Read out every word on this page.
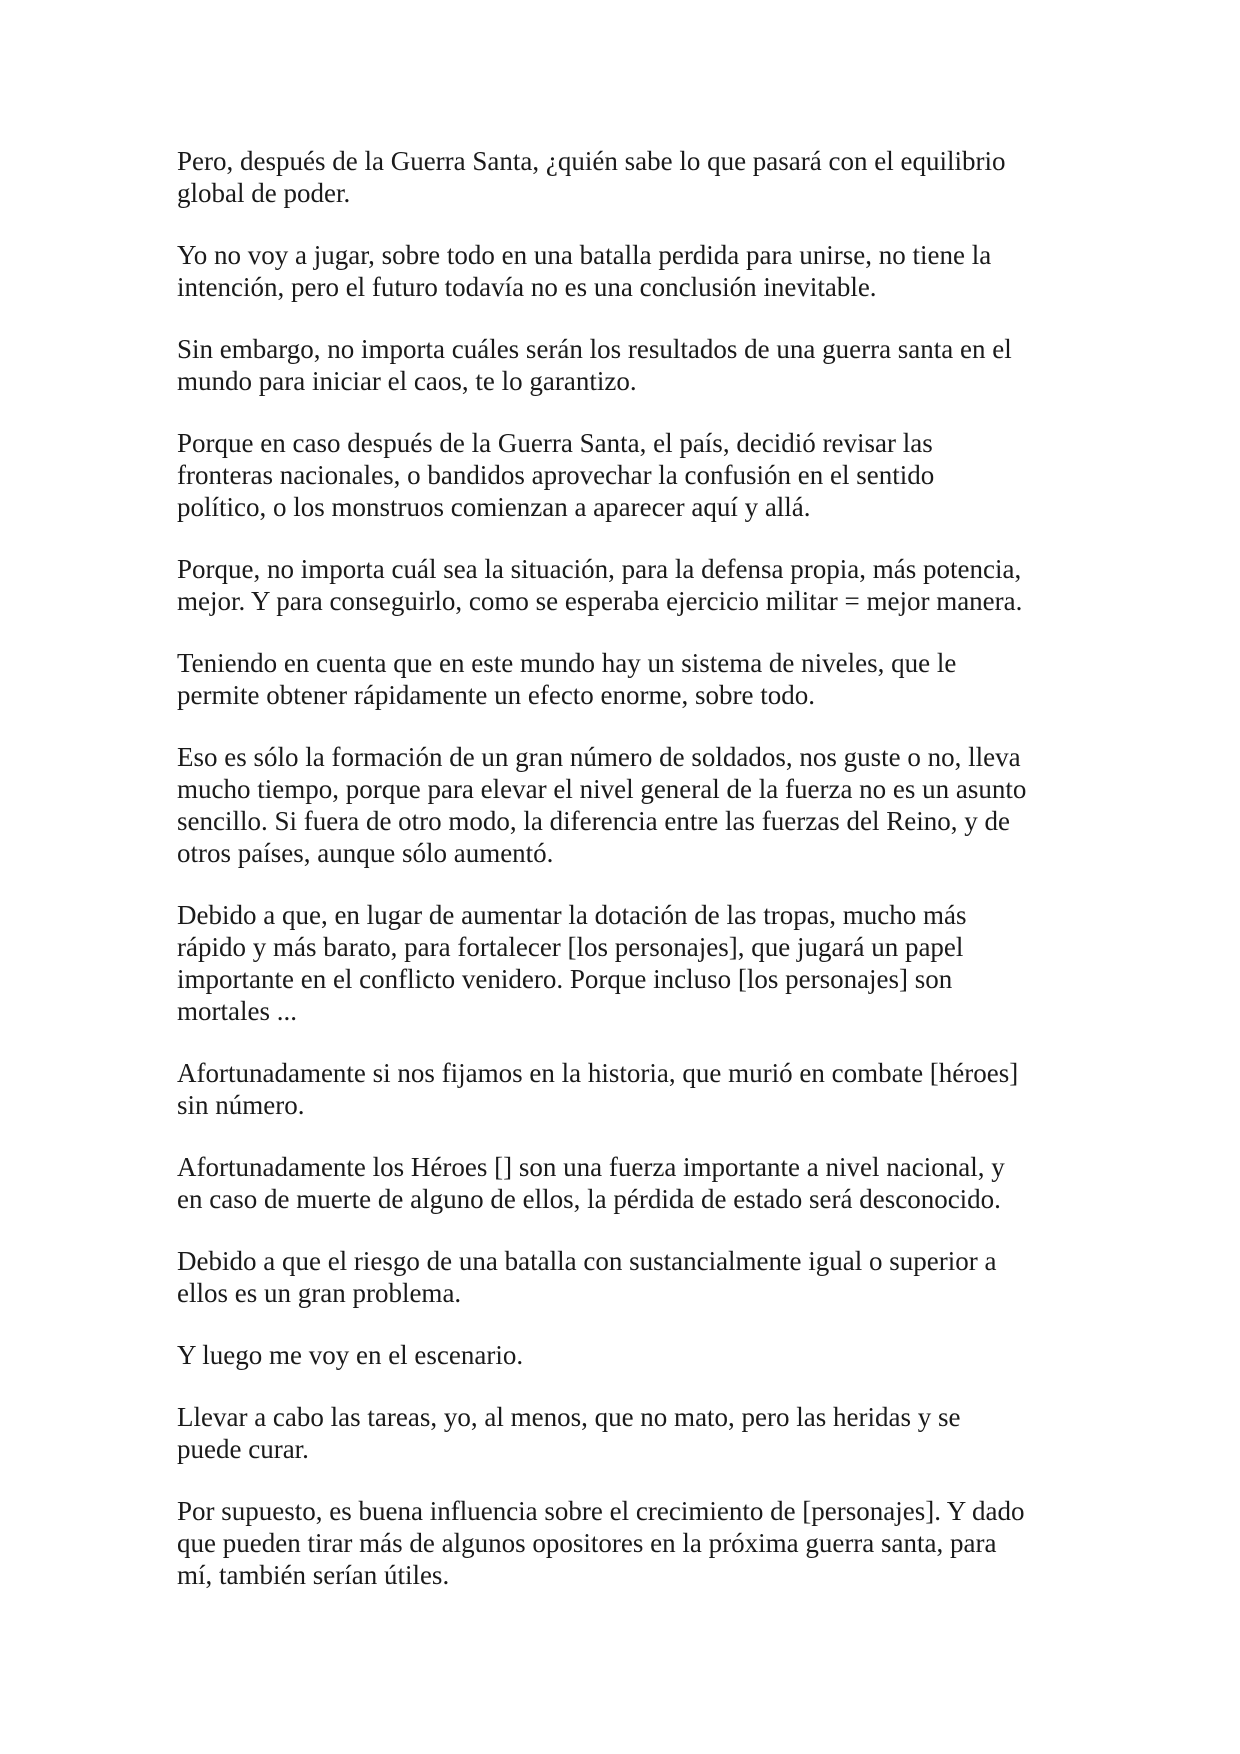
Pero, después de la Guerra Santa, ¿quién sabe lo que pasará con el equilibrio
global de poder.

Yo no voy a jugar, sobre todo en una batalla perdida para unirse, no tiene la
intención, pero el futuro todavía no es una conclusión inevitable.

Sin embargo, no importa cuáles serán los resultados de una guerra santa en el
mundo para iniciar el caos, te lo garantizo.

Porque en caso después de la Guerra Santa, el país, decidió revisar las
fronteras nacionales, o bandidos aprovechar la confusión en el sentido
político, o los monstruos comienzan a aparecer aquí y allá.

Porque, no importa cuál sea la situación, para la defensa propia, más potencia,
mejor. Y para conseguirlo, como se esperaba ejercicio militar = mejor manera.

Teniendo en cuenta que en este mundo hay un sistema de niveles, que le
permite obtener rápidamente un efecto enorme, sobre todo.

Eso es sólo la formación de un gran número de soldados, nos guste o no, lleva
mucho tiempo, porque para elevar el nivel general de la fuerza no es un asunto
sencillo. Si fuera de otro modo, la diferencia entre las fuerzas del Reino, y de
otros países, aunque sólo aumentó.

Debido a que, en lugar de aumentar la dotación de las tropas, mucho más
rápido y más barato, para fortalecer [los personajes], que jugará un papel
importante en el conflicto venidero. Porque incluso [los personajes] son
mortales ...

Afortunadamente si nos fijamos en la historia, que murió en combate [héroes]
sin número.

Afortunadamente los Héroes [] son una fuerza importante a nivel nacional, y
en caso de muerte de alguno de ellos, la pérdida de estado será desconocido.

Debido a que el riesgo de una batalla con sustancialmente igual o superior a
ellos es un gran problema.

Y luego me voy en el escenario.

Llevar a cabo las tareas, yo, al menos, que no mato, pero las heridas y se
puede curar.

Por supuesto, es buena influencia sobre el crecimiento de [personajes]. Y dado
que pueden tirar más de algunos opositores en la próxima guerra santa, para
mí, también serían útiles.
